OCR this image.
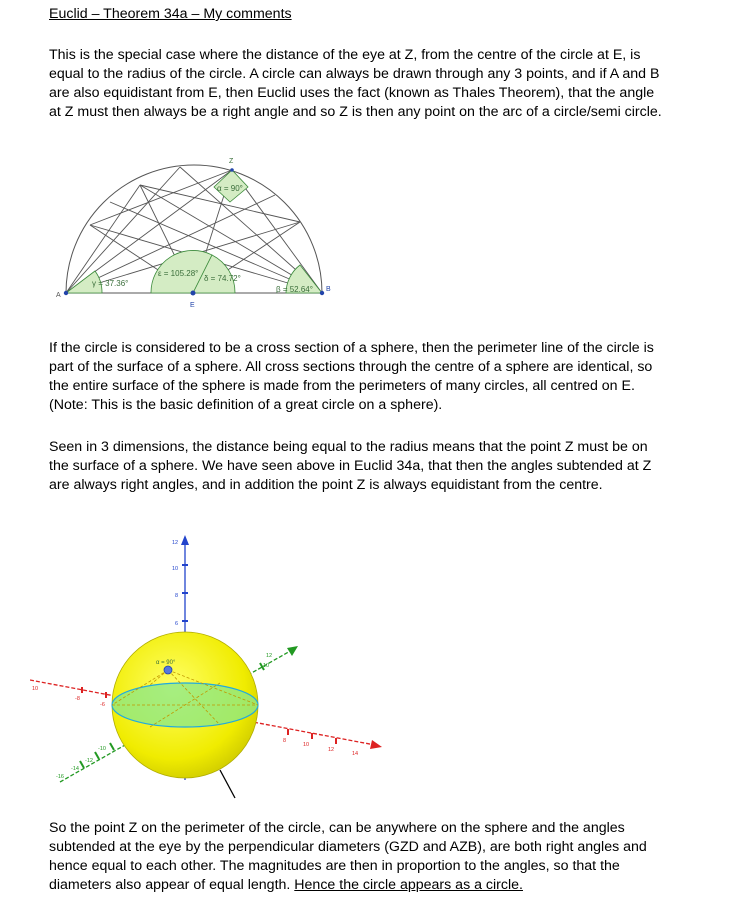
Euclid – Theorem 34a – My comments

This is the special case where the distance of the eye at Z, from the centre of the circle at E, is equal to the radius of the circle. A circle can always be drawn through any 3 points, and if A and B are also equidistant from E, then Euclid uses the fact (known as Thales Theorem), that the angle at Z must then always be a right angle and so Z is then any point on the arc of a circle/semi circle.

α = 90°
γ = 37.36°
ε = 105.28°
δ = 74.72°
β = 52.64°
A
B
E
Z

If the circle is considered to be a cross section of a sphere, then the perimeter line of the circle is part of the surface of a sphere. All cross sections through the centre of a sphere are identical, so the entire surface of the sphere is made from the perimeters of many circles, all centred on E. (Note: This is the basic definition of a great circle on a sphere).

Seen in 3 dimensions, the distance being equal to the radius means that the point Z must be on the surface of a sphere. We have seen above in Euclid 34a, that then the angles subtended at Z are always right angles, and in addition the point Z is always equidistant from the centre.

α = 90°
12
10
8
6
8
10
12
14
10
-8
-6
12
10
-10
-12
-14
-16

So the point Z on the perimeter of the circle, can be anywhere on the sphere and the angles subtended at the eye by the perpendicular diameters (GZD and AZB), are both right angles and hence equal to each other. The magnitudes are then in proportion to the angles, so that the diameters also appear of equal length. Hence the circle appears as a circle.
